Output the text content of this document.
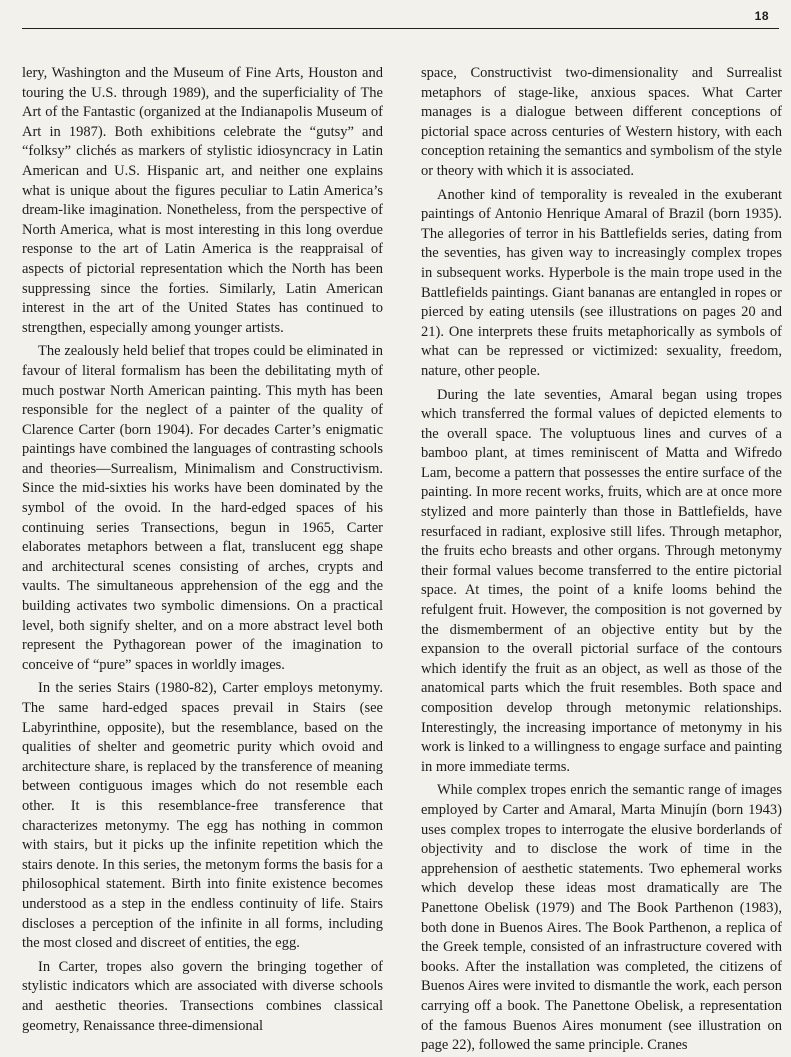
18

lery, Washington and the Museum of Fine Arts, Houston and touring the U.S. through 1989), and the superficiality of The Art of the Fantastic (organized at the Indianapolis Museum of Art in 1987). Both exhibitions celebrate the “gutsy” and “folksy” clichés as markers of stylistic idiosyncracy in Latin American and U.S. Hispanic art, and neither one explains what is unique about the figures peculiar to Latin America’s dream-like imagination. Nonetheless, from the perspective of North America, what is most interesting in this long overdue response to the art of Latin America is the reappraisal of aspects of pictorial representation which the North has been suppressing since the forties. Similarly, Latin American interest in the art of the United States has continued to strengthen, especially among younger artists.

The zealously held belief that tropes could be eliminated in favour of literal formalism has been the debilitating myth of much postwar North American painting. This myth has been responsible for the neglect of a painter of the quality of Clarence Carter (born 1904). For decades Carter’s enigmatic paintings have combined the languages of contrasting schools and theories—Surrealism, Minimalism and Constructivism. Since the mid-sixties his works have been dominated by the symbol of the ovoid. In the hard-edged spaces of his continuing series Transections, begun in 1965, Carter elaborates metaphors between a flat, translucent egg shape and architectural scenes consisting of arches, crypts and vaults. The simultaneous apprehension of the egg and the building activates two symbolic dimensions. On a practical level, both signify shelter, and on a more abstract level both represent the Pythagorean power of the imagination to conceive of “pure” spaces in worldly images.

In the series Stairs (1980-82), Carter employs metonymy. The same hard-edged spaces prevail in Stairs (see Labyrinthine, opposite), but the resemblance, based on the qualities of shelter and geometric purity which ovoid and architecture share, is replaced by the transference of meaning between contiguous images which do not resemble each other. It is this resemblance-free transference that characterizes metonymy. The egg has nothing in common with stairs, but it picks up the infinite repetition which the stairs denote. In this series, the metonym forms the basis for a philosophical statement. Birth into finite existence becomes understood as a step in the endless continuity of life. Stairs discloses a perception of the infinite in all forms, including the most closed and discreet of entities, the egg.

In Carter, tropes also govern the bringing together of stylistic indicators which are associated with diverse schools and aesthetic theories. Transections combines classical geometry, Renaissance three-dimensional

space, Constructivist two-dimensionality and Surrealist metaphors of stage-like, anxious spaces. What Carter manages is a dialogue between different conceptions of pictorial space across centuries of Western history, with each conception retaining the semantics and symbolism of the style or theory with which it is associated.

Another kind of temporality is revealed in the exuberant paintings of Antonio Henrique Amaral of Brazil (born 1935). The allegories of terror in his Battlefields series, dating from the seventies, has given way to increasingly complex tropes in subsequent works. Hyperbole is the main trope used in the Battlefields paintings. Giant bananas are entangled in ropes or pierced by eating utensils (see illustrations on pages 20 and 21). One interprets these fruits metaphorically as symbols of what can be repressed or victimized: sexuality, freedom, nature, other people.

During the late seventies, Amaral began using tropes which transferred the formal values of depicted elements to the overall space. The voluptuous lines and curves of a bamboo plant, at times reminiscent of Matta and Wifredo Lam, become a pattern that possesses the entire surface of the painting. In more recent works, fruits, which are at once more stylized and more painterly than those in Battlefields, have resurfaced in radiant, explosive still lifes. Through metaphor, the fruits echo breasts and other organs. Through metonymy their formal values become transferred to the entire pictorial space. At times, the point of a knife looms behind the refulgent fruit. However, the composition is not governed by the dismemberment of an objective entity but by the expansion to the overall pictorial surface of the contours which identify the fruit as an object, as well as those of the anatomical parts which the fruit resembles. Both space and composition develop through metonymic relationships. Interestingly, the increasing importance of metonymy in his work is linked to a willingness to engage surface and painting in more immediate terms.

While complex tropes enrich the semantic range of images employed by Carter and Amaral, Marta Minujín (born 1943) uses complex tropes to interrogate the elusive borderlands of objectivity and to disclose the work of time in the apprehension of aesthetic statements. Two ephemeral works which develop these ideas most dramatically are The Panettone Obelisk (1979) and The Book Parthenon (1983), both done in Buenos Aires. The Book Parthenon, a replica of the Greek temple, consisted of an infrastructure covered with books. After the installation was completed, the citizens of Buenos Aires were invited to dismantle the work, each person carrying off a book. The Panettone Obelisk, a representation of the famous Buenos Aires monument (see illustration on page 22), followed the same principle. Cranes
